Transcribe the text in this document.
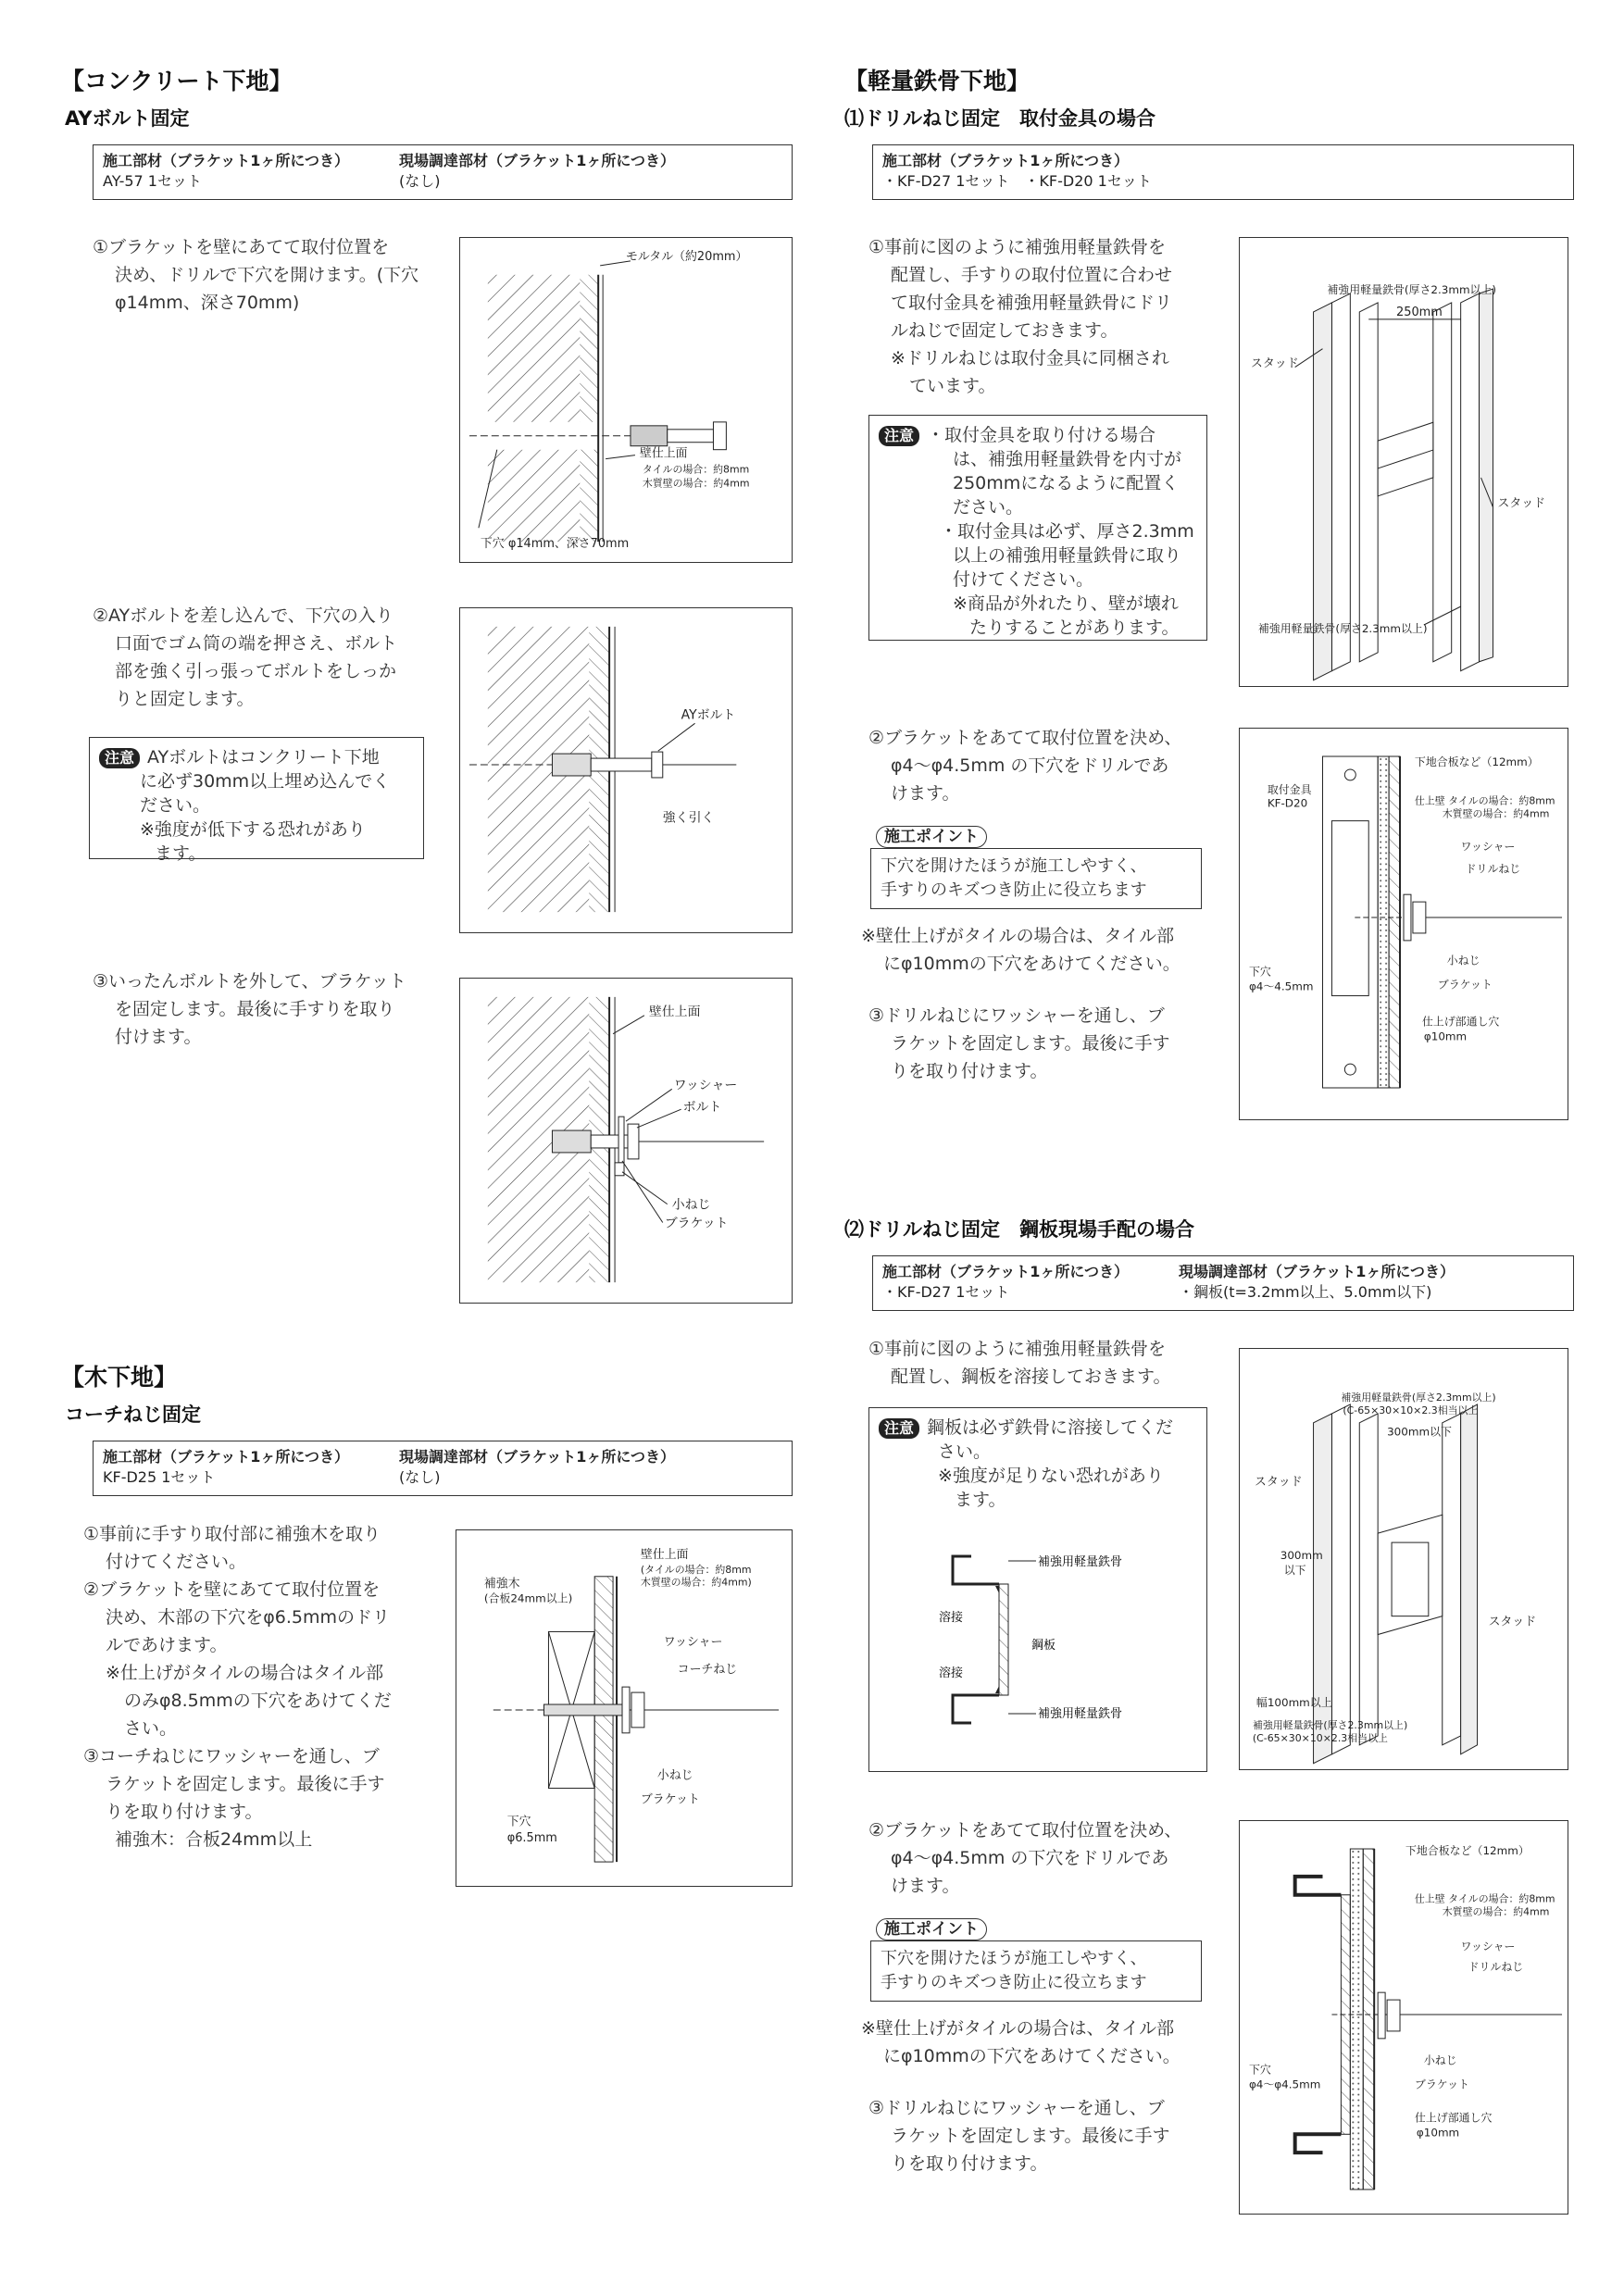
【コンクリート下地】
AYボルト固定
施工部材（ブラケット1ヶ所につき）	現場調達部材（ブラケット1ヶ所につき）
AY-57 1セット	(なし)

①ブラケットを壁にあてて取付位置を

決め、ドリルで下穴を開けます。(下穴

φ14mm、深さ70mm)

モルタル（約20mm）
壁仕上面
タイルの場合：約8mm
木質壁の場合：約4mm
下穴 φ14mm、深さ70mm

②AYボルトを差し込んで、下穴の入り

口面でゴム筒の端を押さえ、ボルト

部を強く引っ張ってボルトをしっか

りと固定します。

注意 AYボルトはコンクリート下地
に必ず30mm以上埋め込んでく
ださい。
※強度が低下する恐れがあり
ます。
AYボルト
強く引く

③いったんボルトを外して、ブラケット

を固定します。最後に手すりを取り

付けます。

壁仕上面
ワッシャー
ボルト
小ねじ
ブラケット
【木下地】
コーチねじ固定
施工部材（ブラケット1ヶ所につき）	現場調達部材（ブラケット1ヶ所につき）
KF-D25 1セット	(なし)

①事前に手すり取付部に補強木を取り

付けてください。

②ブラケットを壁にあてて取付位置を

決め、木部の下穴をφ6.5mmのドリ

ルであけます。

※仕上げがタイルの場合はタイル部

のみφ8.5mmの下穴をあけてくだ

さい。

③コーチねじにワッシャーを通し、ブ

ラケットを固定します。最後に手す

りを取り付けます。

補強木：合板24mm以上

補強木
(合板24mm以上)
壁仕上面
(タイルの場合：約8mm
木質壁の場合：約4mm)
ワッシャー
コーチねじ
小ねじ
ブラケット
下穴
φ6.5mm
【軽量鉄骨下地】
⑴ドリルねじ固定　取付金具の場合
施工部材（ブラケット1ヶ所につき）
・KF-D27 1セット　・KF-D20 1セット

①事前に図のように補強用軽量鉄骨を

配置し、手すりの取付位置に合わせ

て取付金具を補強用軽量鉄骨にドリ

ルねじで固定しておきます。

※ドリルねじは取付金具に同梱され

ています。

注意 ・取付金具を取り付ける場合
は、補強用軽量鉄骨を内寸が
250mmになるように配置く
ださい。
・取付金具は必ず、厚さ2.3mm
以上の補強用軽量鉄骨に取り
付けてください。
※商品が外れたり、壁が壊れ
たりすることがあります。
補強用軽量鉄骨(厚さ2.3mm以上)
250mm
スタッド
スタッド
補強用軽量鉄骨(厚さ2.3mm以上)

②ブラケットをあてて取付位置を決め、

φ4～φ4.5mm の下穴をドリルであ

けます。

施工ポイント
下穴を開けたほうが施工しやすく、
手すりのキズつき防止に役立ちます

※壁仕上げがタイルの場合は、タイル部

にφ10mmの下穴をあけてください。

③ドリルねじにワッシャーを通し、ブ

ラケットを固定します。最後に手す

りを取り付けます。

下地合板など（12mm）
取付金具
KF-D20	仕上壁 タイルの場合：約8mm
木質壁の場合：約4mm
ワッシャー
ドリルねじ
下穴
φ4～4.5mm
小ねじ
ブラケット
仕上げ部通し穴
φ10mm
⑵ドリルねじ固定　鋼板現場手配の場合
施工部材（ブラケット1ヶ所につき）	現場調達部材（ブラケット1ヶ所につき）
・KF-D27 1セット	・鋼板(t=3.2mm以上、5.0mm以下)

①事前に図のように補強用軽量鉄骨を

配置し、鋼板を溶接しておきます。

注意 鋼板は必ず鉄骨に溶接してくだ
さい。
※強度が足りない恐れがあり
ます。
補強用軽量鉄骨
溶接
鋼板
溶接
補強用軽量鉄骨
補強用軽量鉄骨(厚さ2.3mm以上)
(C-65×30×10×2.3相当以上
300mm以下
スタッド
300mm
以下
スタッド
幅100mm以上
補強用軽量鉄骨(厚さ2.3mm以上)
(C-65×30×10×2.3相当以上

②ブラケットをあてて取付位置を決め、

φ4～φ4.5mm の下穴をドリルであ

けます。

施工ポイント
下穴を開けたほうが施工しやすく、
手すりのキズつき防止に役立ちます

※壁仕上げがタイルの場合は、タイル部

にφ10mmの下穴をあけてください。

③ドリルねじにワッシャーを通し、ブ

ラケットを固定します。最後に手す

りを取り付けます。

下地合板など（12mm）
仕上壁 タイルの場合：約8mm
木質壁の場合：約4mm
ワッシャー
ドリルねじ
下穴
φ4～φ4.5mm
小ねじ
ブラケット
仕上げ部通し穴
φ10mm
